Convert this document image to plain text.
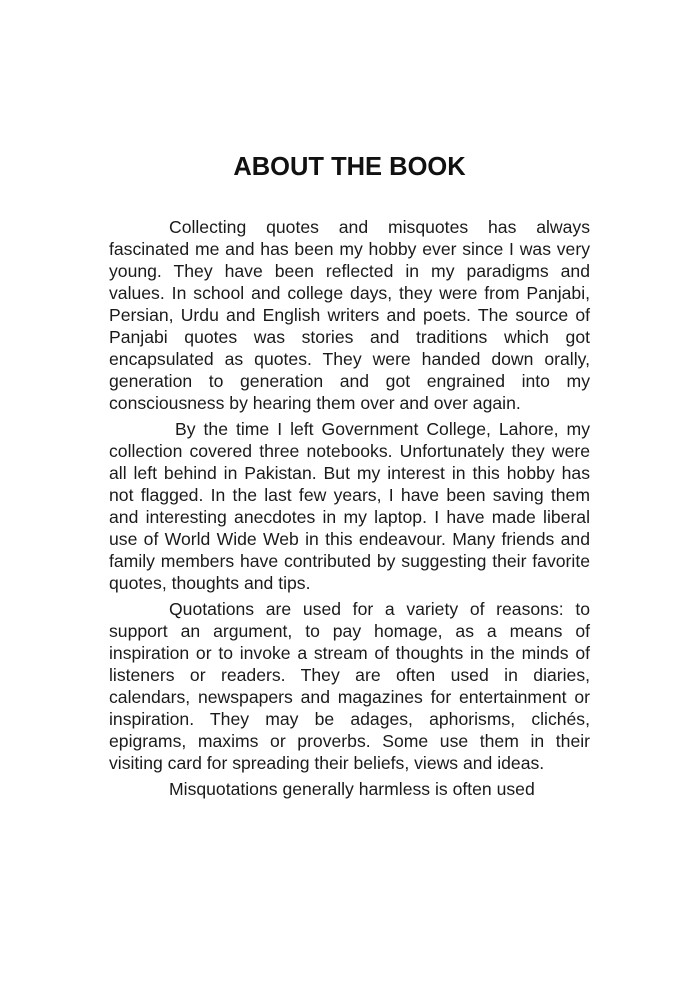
ABOUT THE BOOK

Collecting quotes and misquotes has always fascinated me and has been my hobby ever since I was very young. They have been reflected in my paradigms and values. In school and college days, they were from Panjabi, Persian, Urdu and English writers and poets. The source of Panjabi quotes was stories and traditions which got encapsulated as quotes. They were handed down orally, generation to generation and got engrained into my consciousness by hearing them over and over again.

By the time I left Government College, Lahore, my collection covered three notebooks. Unfortunately they were all left behind in Pakistan. But my interest in this hobby has not flagged. In the last few years, I have been saving them and interesting anecdotes in my laptop. I have made liberal use of World Wide Web in this endeavour. Many friends and family members have contributed by suggesting their favorite quotes, thoughts and tips.

Quotations are used for a variety of reasons: to support an argument, to pay homage, as a means of inspiration or to invoke a stream of thoughts in the minds of listeners or readers. They are often used in diaries, calendars, newspapers and magazines for entertainment or inspiration. They may be adages, aphorisms, clichés, epigrams, maxims or proverbs. Some use them in their visiting card for spreading their beliefs, views and ideas.

Misquotations generally harmless is often used
